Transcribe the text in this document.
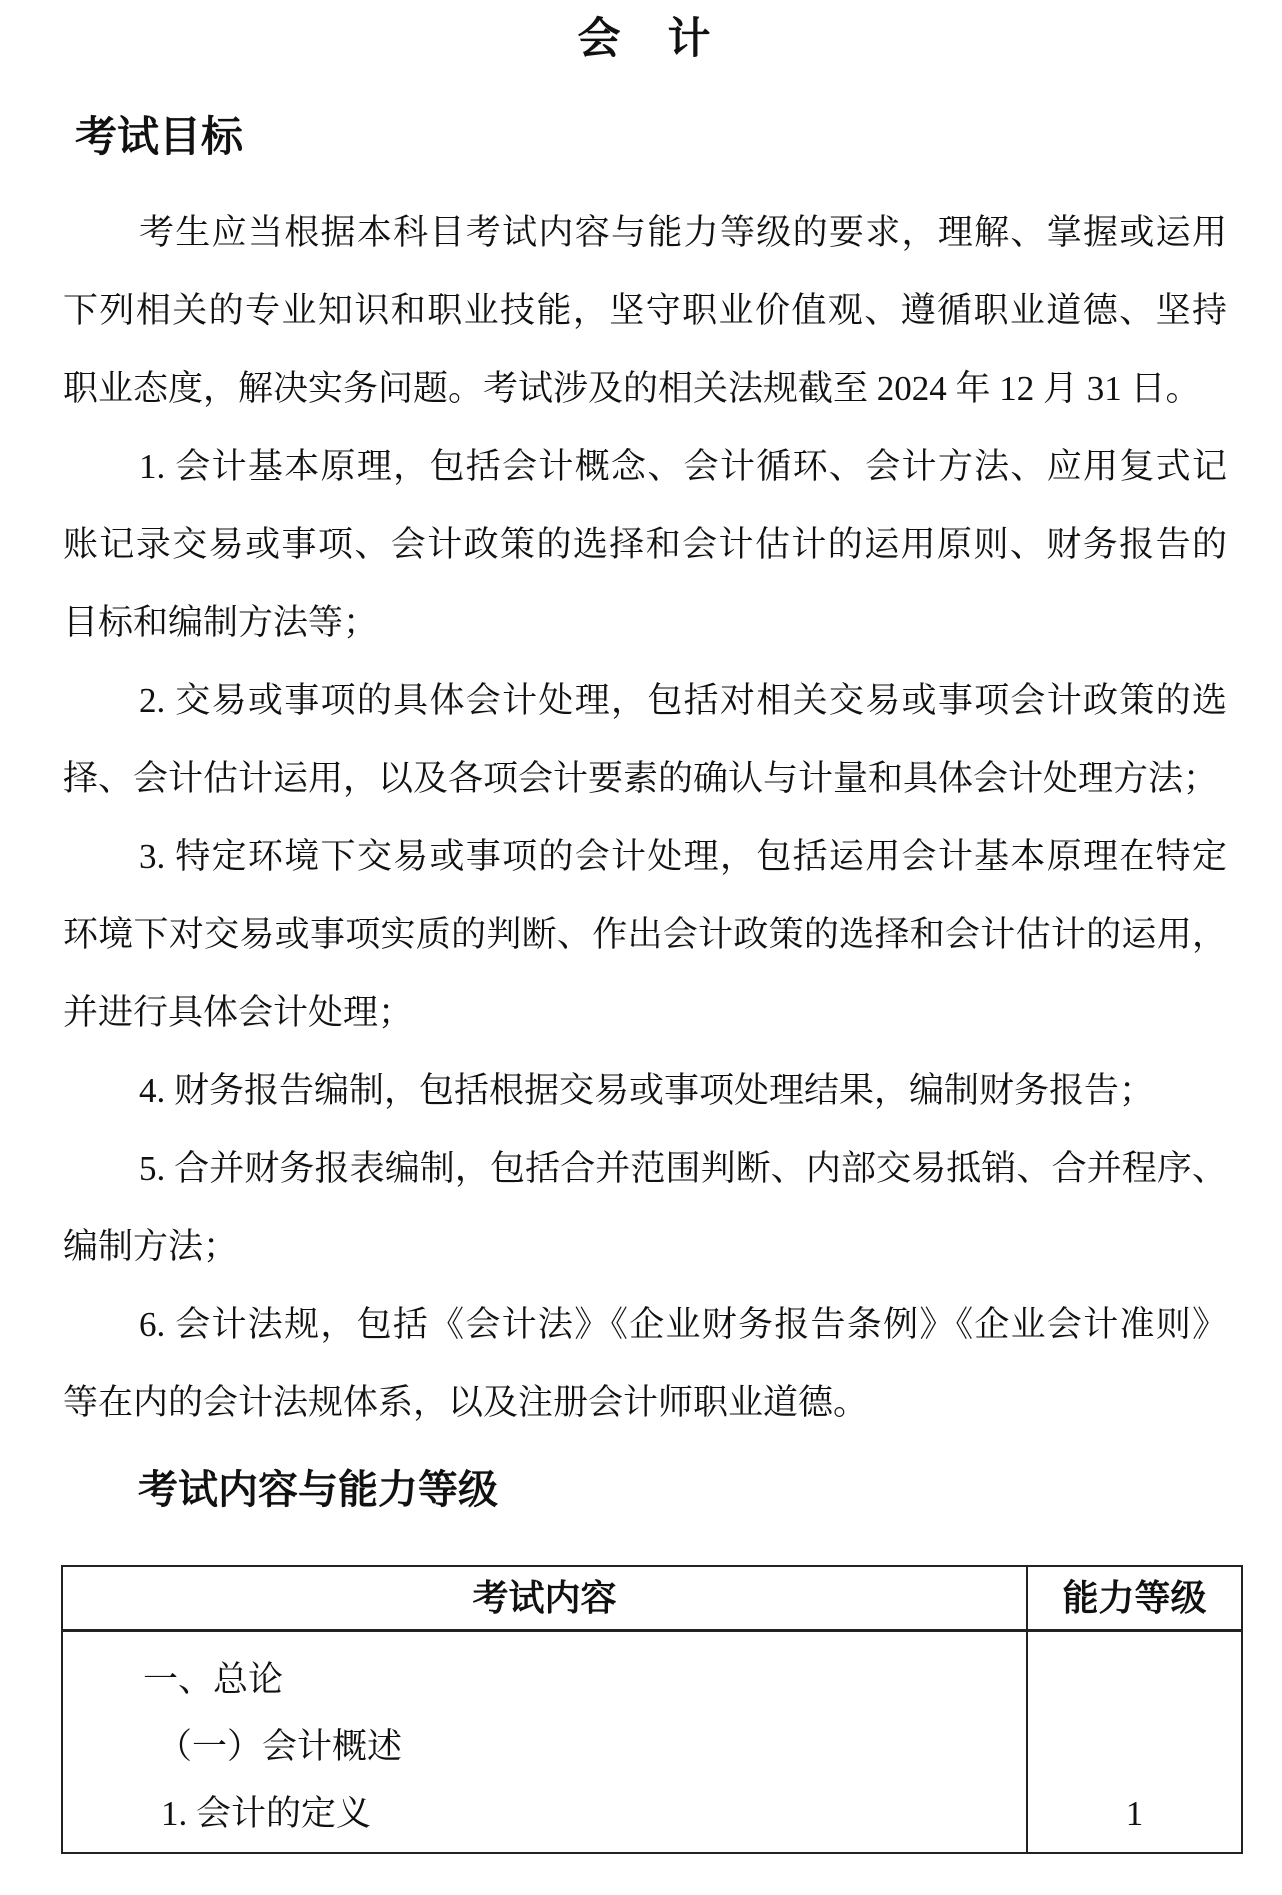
会　计
考试目标
考生应当根据本科目考试内容与能力等级的要求，理解、掌握或运用
下列相关的专业知识和职业技能，坚守职业价值观、遵循职业道德、坚持
职业态度，解决实务问题。考试涉及的相关法规截至 2024 年 12 月 31 日。
1. 会计基本原理，包括会计概念、会计循环、会计方法、应用复式记
账记录交易或事项、会计政策的选择和会计估计的运用原则、财务报告的
目标和编制方法等；
2. 交易或事项的具体会计处理，包括对相关交易或事项会计政策的选
择、会计估计运用，以及各项会计要素的确认与计量和具体会计处理方法；
3. 特定环境下交易或事项的会计处理，包括运用会计基本原理在特定
环境下对交易或事项实质的判断、作出会计政策的选择和会计估计的运用，
并进行具体会计处理；
4. 财务报告编制，包括根据交易或事项处理结果，编制财务报告；
5. 合并财务报表编制，包括合并范围判断、内部交易抵销、合并程序、
编制方法；
6. 会计法规，包括《会计法》《企业财务报告条例》《企业会计准则》
等在内的会计法规体系，以及注册会计师职业道德。
考试内容与能力等级
考试内容	能力等级
一、总论
（一）会计概述
1. 会计的定义	1
